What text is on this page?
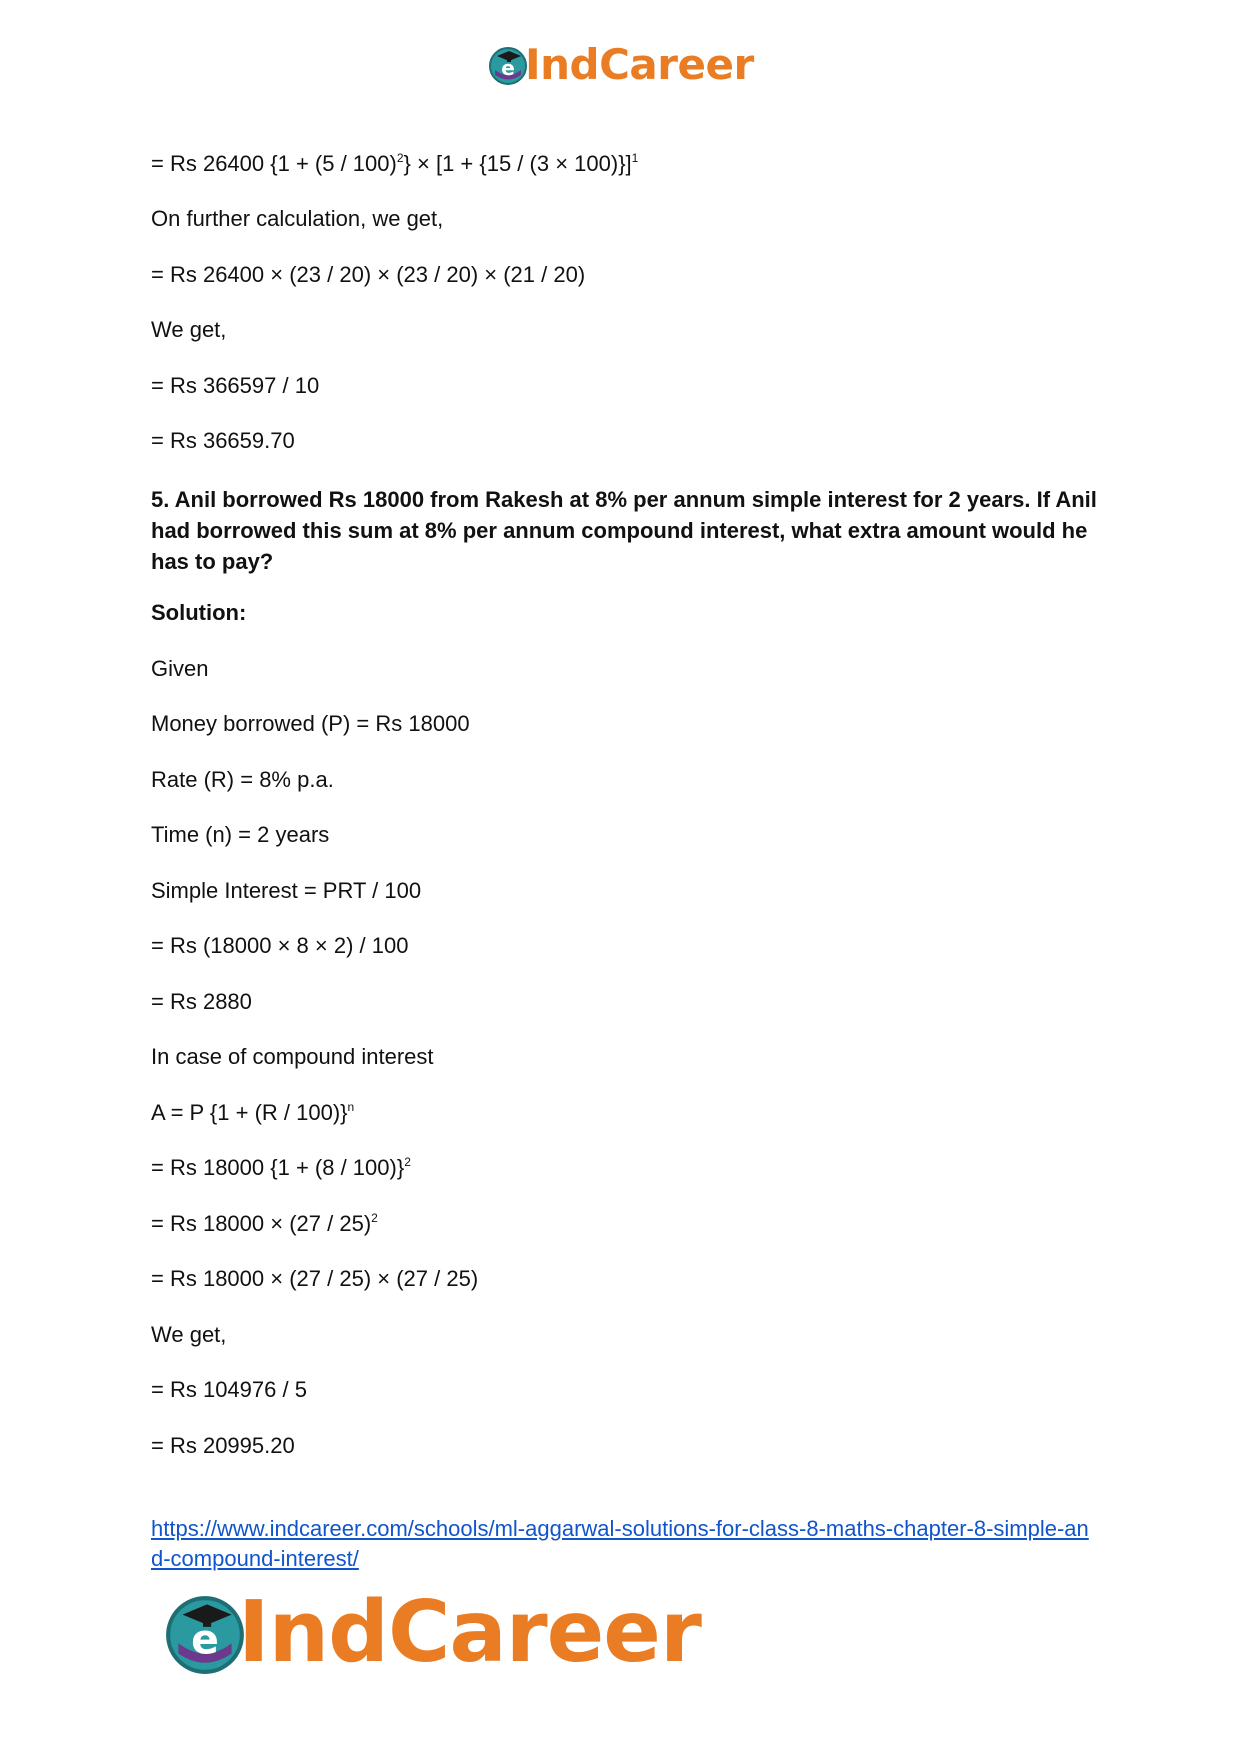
e IndCareer
= Rs 26400 $\{1 + (5 / 100)^2\} \times [1 + \{15 / (3 \times 100)\}]^1$
On further calculation, we get,
= Rs 26400 × (23 / 20) × (23 / 20) × (21 / 20)
We get,
= Rs 366597 / 10
= Rs 36659.70
5. Anil borrowed Rs 18000 from Rakesh at 8% per annum simple interest for 2 years. If Anil had borrowed this sum at 8% per annum compound interest, what extra amount would he has to pay?
Solution:
Given
Money borrowed (P) = Rs 18000
Rate (R) = 8% p.a.
Time (n) = 2 years
Simple Interest = PRT / 100
= Rs (18000 × 8 × 2) / 100
= Rs 2880
In case of compound interest
A = P $\{1 + (R / 100)\}^n$
= Rs 18000 $\{1 + (8 / 100)\}^2$
= Rs 18000 × (27 / 25)$^2$
= Rs 18000 × (27 / 25) × (27 / 25)
We get,
= Rs 104976 / 5
= Rs 20995.20
https://www.indcareer.com/schools/ml-aggarwal-solutions-for-class-8-maths-chapter-8-simple-and-compound-interest/
e IndCareer
